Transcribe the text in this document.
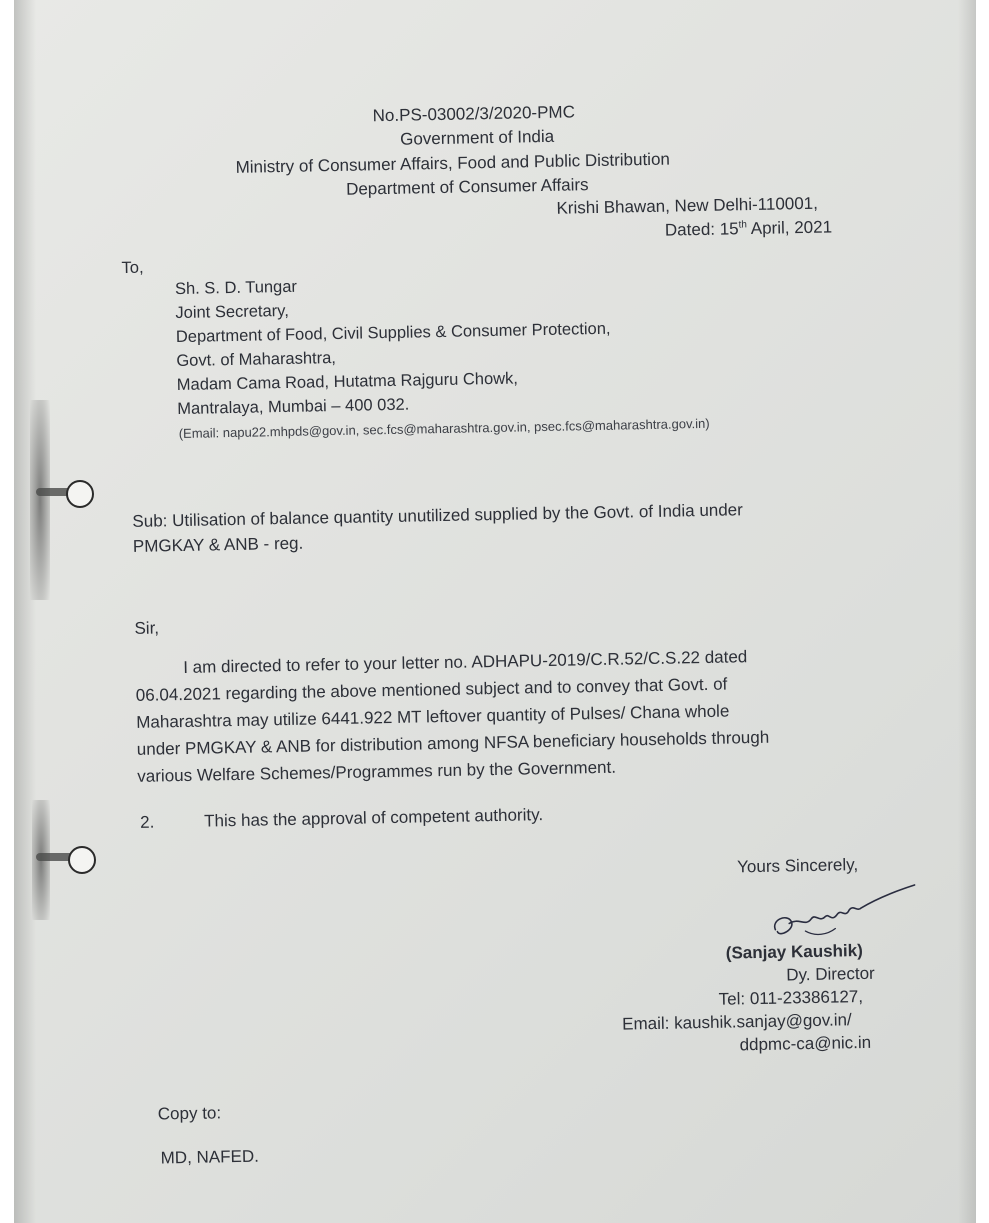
No.PS-03002/3/2020-PMC

Government of India

Ministry of Consumer Affairs, Food and Public Distribution

Department of Consumer Affairs

Krishi Bhawan, New Delhi-110001,

Dated: 15th April, 2021

To,

Sh. S. D. Tungar

Joint Secretary,

Department of Food, Civil Supplies & Consumer Protection,

Govt. of Maharashtra,

Madam Cama Road, Hutatma Rajguru Chowk,

Mantralaya, Mumbai – 400 032.

(Email: napu22.mhpds@gov.in, sec.fcs@maharashtra.gov.in, psec.fcs@maharashtra.gov.in)

Sub: Utilisation of balance quantity unutilized supplied by the Govt. of India under

PMGKAY & ANB - reg.

Sir,

I am directed to refer to your letter no. ADHAPU-2019/C.R.52/C.S.22 dated

06.04.2021 regarding the above mentioned subject and to convey that Govt. of

Maharashtra may utilize 6441.922 MT leftover quantity of Pulses/ Chana whole

under PMGKAY & ANB for distribution among NFSA beneficiary households through

various Welfare Schemes/Programmes run by the Government.

2.	This has the approval of competent authority.

Yours Sincerely,

(Sanjay Kaushik)

Dy. Director

Tel: 011-23386127,

Email: kaushik.sanjay@gov.in/

ddpmc-ca@nic.in

Copy to:

MD, NAFED.
